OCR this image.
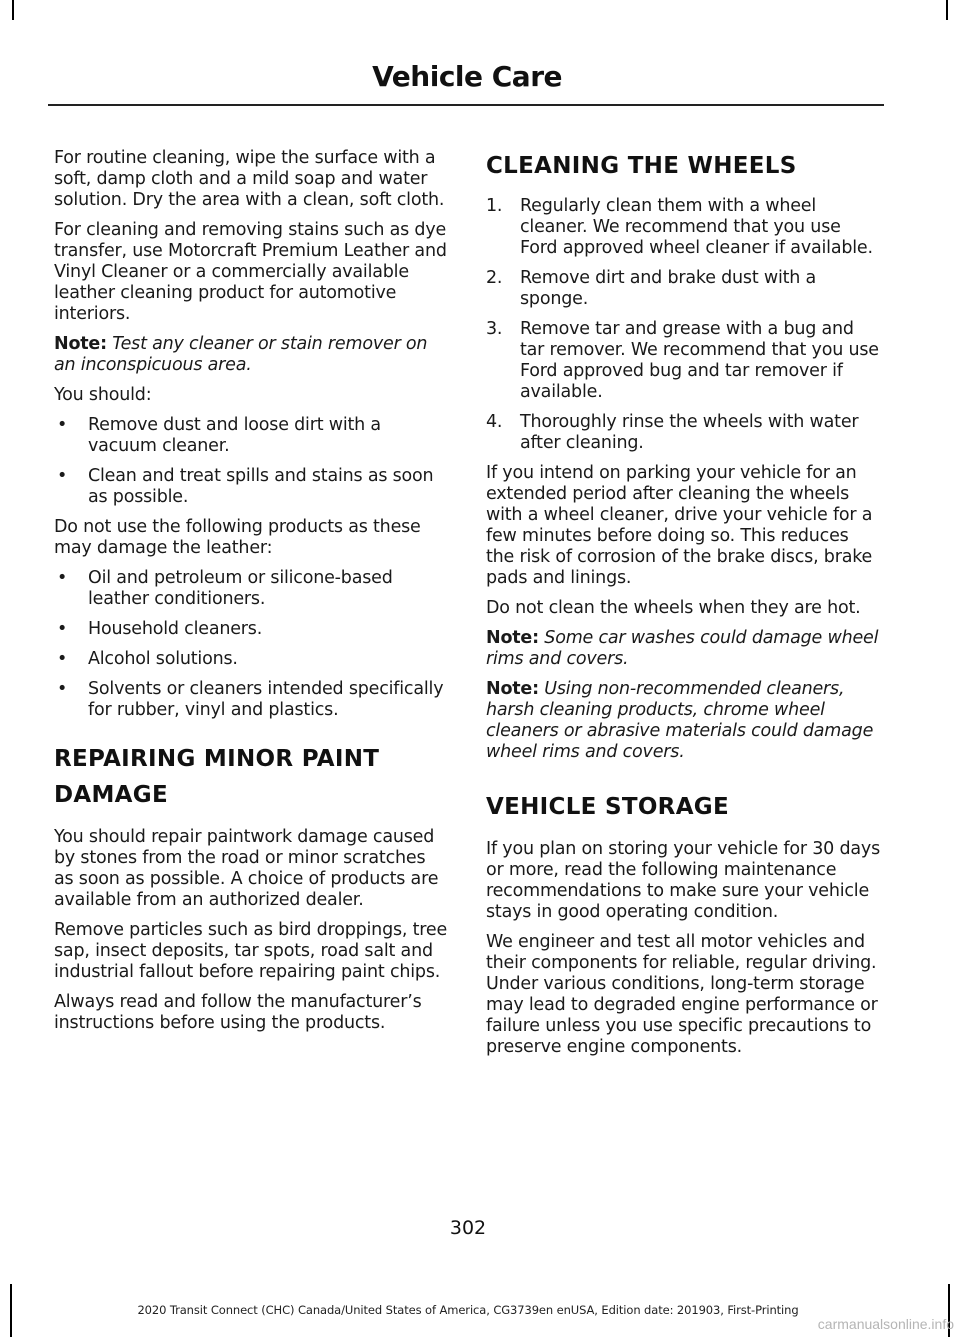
Vehicle Care

For routine cleaning, wipe the surface with a soft, damp cloth and a mild soap and water solution. Dry the area with a clean, soft cloth.

For cleaning and removing stains such as dye transfer, use Motorcraft Premium Leather and Vinyl Cleaner or a commercially available leather cleaning product for automotive interiors.

Note: Test any cleaner or stain remover on an inconspicuous area.

You should:

• Remove dust and loose dirt with a vacuum cleaner.
• Clean and treat spills and stains as soon as possible.

Do not use the following products as these may damage the leather:

• Oil and petroleum or silicone-based leather conditioners.
• Household cleaners.
• Alcohol solutions.
• Solvents or cleaners intended specifically for rubber, vinyl and plastics.
REPAIRING MINOR PAINT DAMAGE

You should repair paintwork damage caused by stones from the road or minor scratches as soon as possible. A choice of products are available from an authorized dealer.

Remove particles such as bird droppings, tree sap, insect deposits, tar spots, road salt and industrial fallout before repairing paint chips.

Always read and follow the manufacturer’s instructions before using the products.

CLEANING THE WHEELS
1. Regularly clean them with a wheel cleaner. We recommend that you use Ford approved wheel cleaner if available.
2. Remove dirt and brake dust with a sponge.
3. Remove tar and grease with a bug and tar remover. We recommend that you use Ford approved bug and tar remover if available.
4. Thoroughly rinse the wheels with water after cleaning.

If you intend on parking your vehicle for an extended period after cleaning the wheels with a wheel cleaner, drive your vehicle for a few minutes before doing so. This reduces the risk of corrosion of the brake discs, brake pads and linings.

Do not clean the wheels when they are hot.

Note: Some car washes could damage wheel rims and covers.

Note: Using non-recommended cleaners, harsh cleaning products, chrome wheel cleaners or abrasive materials could damage wheel rims and covers.

VEHICLE STORAGE

If you plan on storing your vehicle for 30 days or more, read the following maintenance recommendations to make sure your vehicle stays in good operating condition.

We engineer and test all motor vehicles and their components for reliable, regular driving. Under various conditions, long-term storage may lead to degraded engine performance or failure unless you use specific precautions to preserve engine components.

302
2020 Transit Connect (CHC) Canada/United States of America, CG3739en enUSA, Edition date: 201903, First-Printing
carmanualsonline.info
